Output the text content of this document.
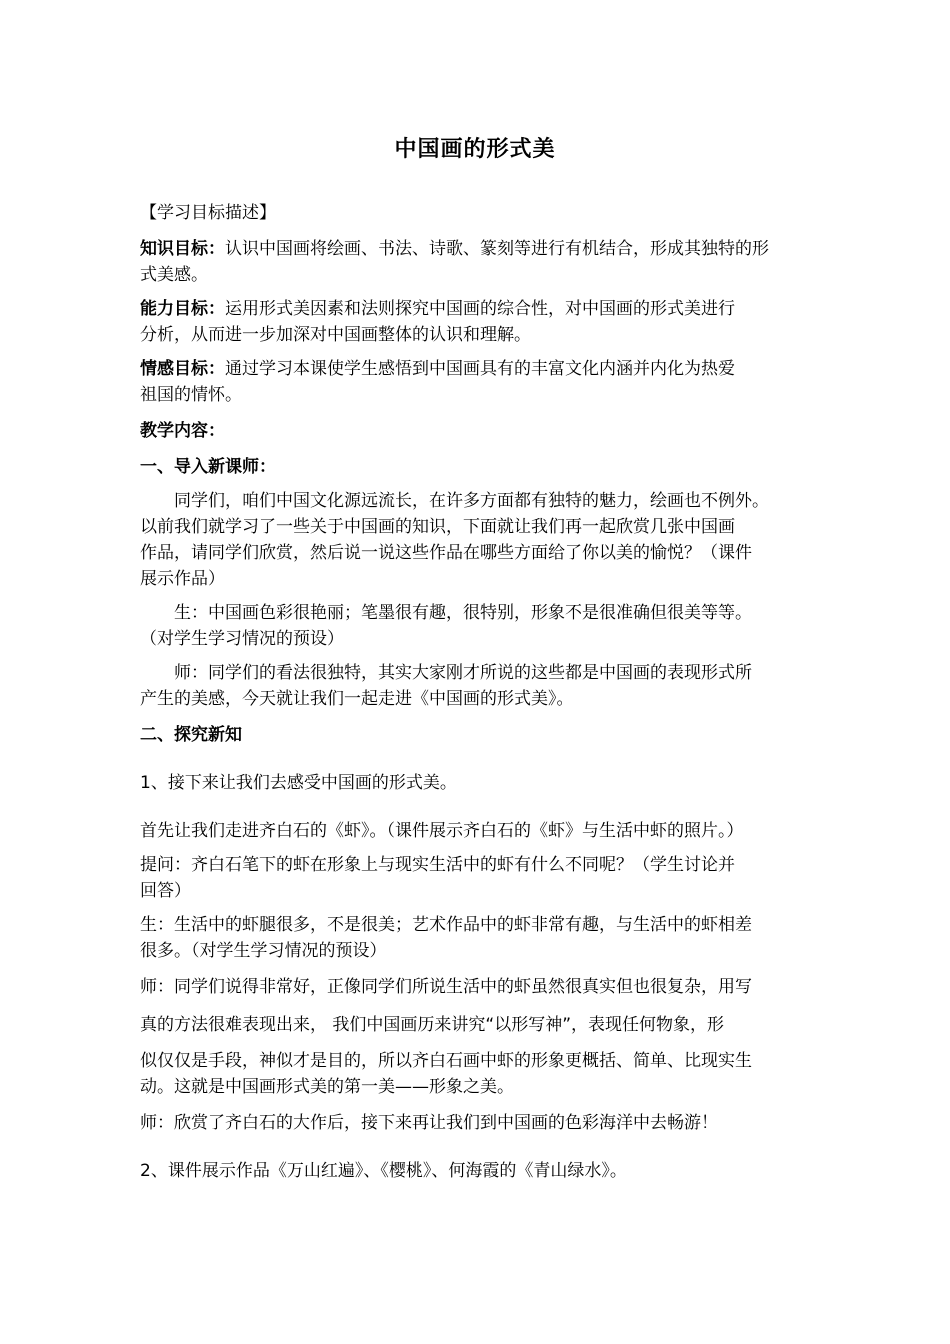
中国画的形式美
【学习目标描述】
知识目标：认识中国画将绘画、书法、诗歌、篆刻等进行有机结合，形成其独特的形
式美感。
能力目标：运用形式美因素和法则探究中国画的综合性，对中国画的形式美进行
分析，从而进一步加深对中国画整体的认识和理解。
情感目标：通过学习本课使学生感悟到中国画具有的丰富文化内涵并内化为热爱
祖国的情怀。
教学内容：
一、导入新课师：
同学们，咱们中国文化源远流长，在许多方面都有独特的魅力，绘画也不例外。
以前我们就学习了一些关于中国画的知识，下面就让我们再一起欣赏几张中国画
作品，请同学们欣赏，然后说一说这些作品在哪些方面给了你以美的愉悦？（课件
展示作品）
生：中国画色彩很艳丽；笔墨很有趣，很特别，形象不是很准确但很美等等。
（对学生学习情况的预设）
师：同学们的看法很独特，其实大家刚才所说的这些都是中国画的表现形式所
产生的美感，今天就让我们一起走进《中国画的形式美》。
二、探究新知
1、接下来让我们去感受中国画的形式美。
首先让我们走进齐白石的《虾》。（课件展示齐白石的《虾》与生活中虾的照片。）
提问：齐白石笔下的虾在形象上与现实生活中的虾有什么不同呢？（学生讨论并
回答）
生：生活中的虾腿很多，不是很美；艺术作品中的虾非常有趣，与生活中的虾相差
很多。（对学生学习情况的预设）
师：同学们说得非常好，正像同学们所说生活中的虾虽然很真实但也很复杂，用写
真的方法很难表现出来， 我们中国画历来讲究“以形写神”，表现任何物象，形
似仅仅是手段，神似才是目的，所以齐白石画中虾的形象更概括、简单、比现实生
动。这就是中国画形式美的第一美——形象之美。
师：欣赏了齐白石的大作后，接下来再让我们到中国画的色彩海洋中去畅游！
2、课件展示作品《万山红遍》、《樱桃》、何海霞的《青山绿水》。
